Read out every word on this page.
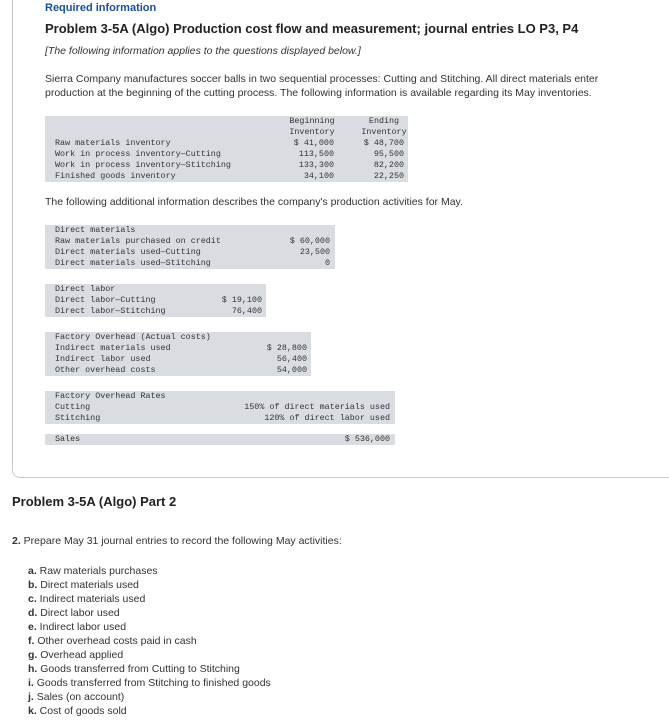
Required information
Problem 3-5A (Algo) Production cost flow and measurement; journal entries LO P3, P4
[The following information applies to the questions displayed below.]
Sierra Company manufactures soccer balls in two sequential processes: Cutting and Stitching. All direct materials enter
production at the beginning of the cutting process. The following information is available regarding its May inventories.
Beginning
Inventory
Ending
Inventory
Raw materials inventory	$ 41,000	$ 48,700
Work in process inventory—Cutting	113,500	95,500
Work in process inventory—Stitching	133,300	82,200
Finished goods inventory	34,100	22,250
The following additional information describes the company's production activities for May.
Direct materials
Raw materials purchased on credit	$ 60,000
Direct materials used—Cutting	23,500
Direct materials used—Stitching	0
Direct labor
Direct labor—Cutting	$ 19,100
Direct labor—Stitching	76,400
Factory Overhead (Actual costs)
Indirect materials used	$ 28,800
Indirect labor used	56,400
Other overhead costs	54,000
Factory Overhead Rates
Cutting	150% of direct materials used
Stitching	120% of direct labor used
Sales	$ 536,000
Problem 3-5A (Algo) Part 2
2. Prepare May 31 journal entries to record the following May activities:
a. Raw materials purchases
b. Direct materials used
c. Indirect materials used
d. Direct labor used
e. Indirect labor used
f. Other overhead costs paid in cash
g. Overhead applied
h. Goods transferred from Cutting to Stitching
i. Goods transferred from Stitching to finished goods
j. Sales (on account)
k. Cost of goods sold
